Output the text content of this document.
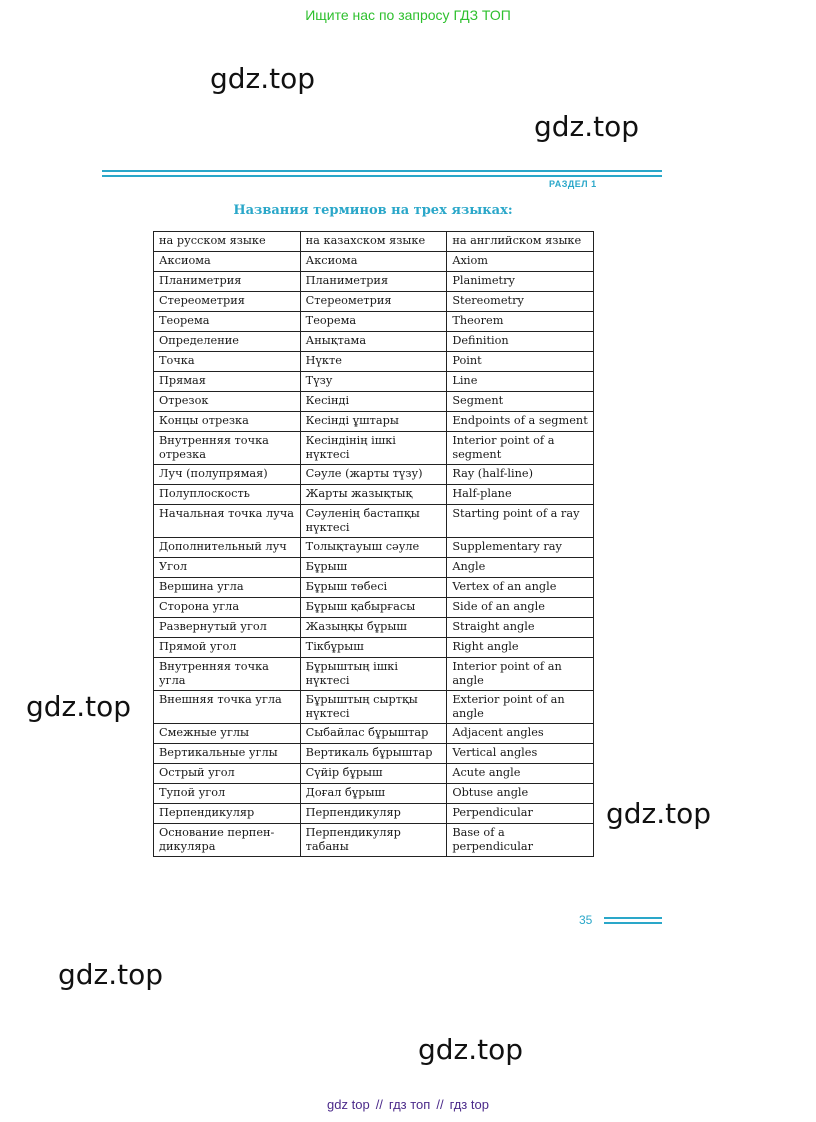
Ищите нас по запросу ГДЗ ТОП
gdz.top
gdz.top
РАЗДЕЛ 1
Названия терминов на трех языках:
на русском языке	на казахском языке	на английском языке
Аксиома	Аксиома	Axiom
Планиметрия	Планиметрия	Planimetry
Стереометрия	Стереометрия	Stereometry
Теорема	Теорема	Theorem
Определение	Анықтама	Definition
Точка	Нүкте	Point
Прямая	Түзу	Line
Отрезок	Кесінді	Segment
Концы отрезка	Кесінді ұштары	Endpoints of a segment
Внутренняя точка отрезка	Кесіндінің ішкі нүктесі	Interior point of a segment
Луч (полупрямая)	Сәуле (жарты түзу)	Ray (half-line)
Полуплоскость	Жарты жазықтық	Half-plane
Начальная точка луча	Сәуленің бастапқы нүктесі	Starting point of a ray
Дополнительный луч	Толықтауыш сәуле	Supplementary ray
Угол	Бұрыш	Angle
Вершина угла	Бұрыш төбесі	Vertex of an angle
Сторона угла	Бұрыш қабырғасы	Side of an angle
Развернутый угол	Жазыңқы бұрыш	Straight angle
Прямой угол	Тікбұрыш	Right angle
Внутренняя точка угла	Бұрыштың ішкі нүктесі	Interior point of an angle
Внешняя точка угла	Бұрыштың сыртқы нүктесі	Exterior point of an angle
Смежные углы	Сыбайлас бұрыштар	Adjacent angles
Вертикальные углы	Вертикаль бұрыштар	Vertical angles
Острый угол	Сүйір бұрыш	Acute angle
Тупой угол	Доғал бұрыш	Obtuse angle
Перпендикуляр	Перпендикуляр	Perpendicular
Основание перпен-дикуляра	Перпендикуляр табаны	Base of a perpendicular
gdz.top
gdz.top
35
gdz.top
gdz.top
gdz top // гдз топ // гдз top
